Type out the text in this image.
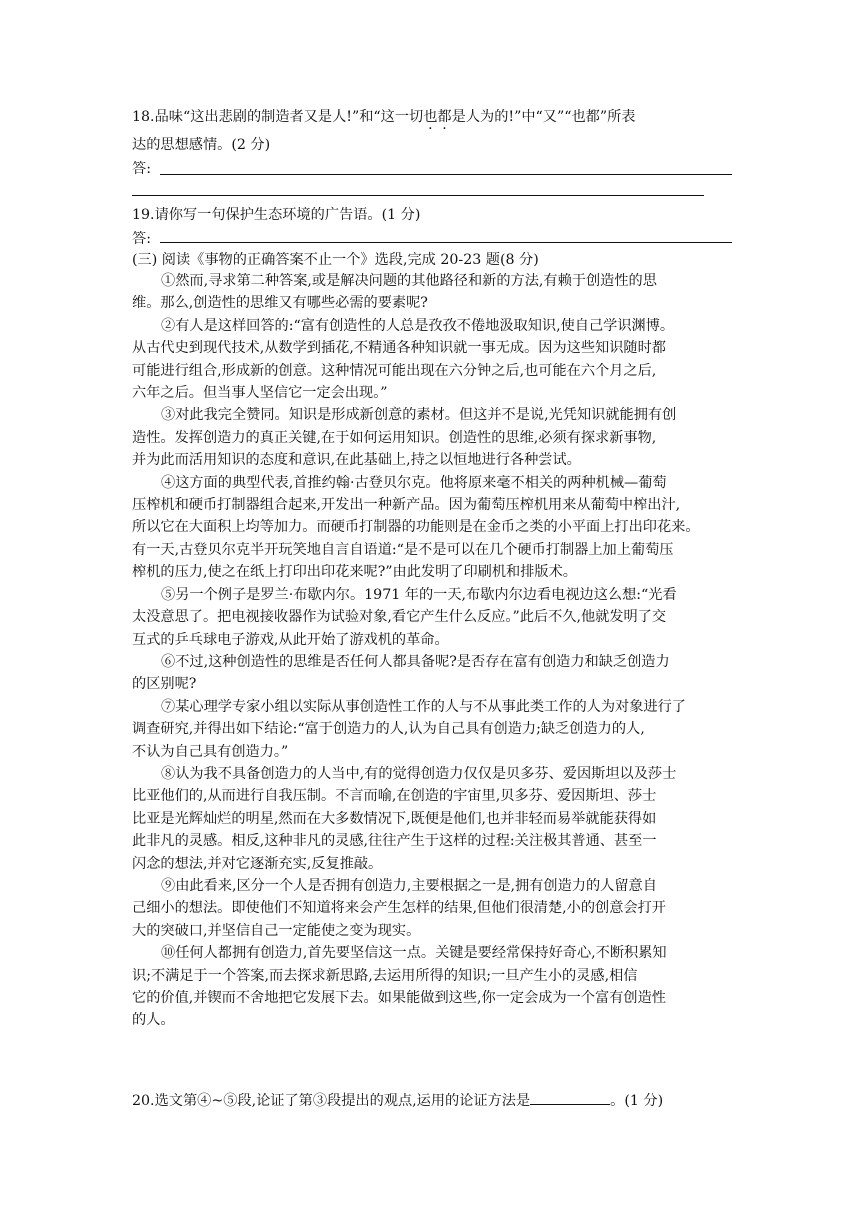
18.品味“这出悲剧的制造者又是人!”和“这一切也都是人为的!”中“又”“也都”所表
达的思想感情。(2 分)
答:
19.请你写一句保护生态环境的广告语。(1 分)
答:
(三) 阅读《事物的正确答案不止一个》选段,完成 20-23 题(8 分)
①然而,寻求第二种答案,或是解决问题的其他路径和新的方法,有赖于创造性的思
维。那么,创造性的思维又有哪些必需的要素呢?
②有人是这样回答的:“富有创造性的人总是孜孜不倦地汲取知识,使自己学识渊博。
从古代史到现代技术,从数学到插花,不精通各种知识就一事无成。因为这些知识随时都
可能进行组合,形成新的创意。这种情况可能出现在六分钟之后,也可能在六个月之后,
六年之后。但当事人坚信它一定会出现。”
③对此我完全赞同。知识是形成新创意的素材。但这并不是说,光凭知识就能拥有创
造性。发挥创造力的真正关键,在于如何运用知识。创造性的思维,必须有探求新事物,
并为此而活用知识的态度和意识,在此基础上,持之以恒地进行各种尝试。
④这方面的典型代表,首推约翰·古登贝尔克。他将原来毫不相关的两种机械—葡萄
压榨机和硬币打制器组合起来,开发出一种新产品。因为葡萄压榨机用来从葡萄中榨出汁,
所以它在大面积上均等加力。而硬币打制器的功能则是在金币之类的小平面上打出印花来。
有一天,古登贝尔克半开玩笑地自言自语道:“是不是可以在几个硬币打制器上加上葡萄压
榨机的压力,使之在纸上打印出印花来呢?”由此发明了印刷机和排版术。
⑤另一个例子是罗兰·布歇内尔。1971 年的一天,布歇内尔边看电视边这么想:“光看
太没意思了。把电视接收器作为试验对象,看它产生什么反应。”此后不久,他就发明了交
互式的乒乓球电子游戏,从此开始了游戏机的革命。
⑥不过,这种创造性的思维是否任何人都具备呢?是否存在富有创造力和缺乏创造力
的区别呢?
⑦某心理学专家小组以实际从事创造性工作的人与不从事此类工作的人为对象进行了
调查研究,并得出如下结论:“富于创造力的人,认为自己具有创造力;缺乏创造力的人,
不认为自己具有创造力。”
⑧认为我不具备创造力的人当中,有的觉得创造力仅仅是贝多芬、爱因斯坦以及莎士
比亚他们的,从而进行自我压制。不言而喻,在创造的宇宙里,贝多芬、爱因斯坦、莎士
比亚是光辉灿烂的明星,然而在大多数情况下,既便是他们,也并非轻而易举就能获得如
此非凡的灵感。相反,这种非凡的灵感,往往产生于这样的过程:关注极其普通、甚至一
闪念的想法,并对它逐渐充实,反复推敲。
⑨由此看来,区分一个人是否拥有创造力,主要根据之一是,拥有创造力的人留意自
己细小的想法。即使他们不知道将来会产生怎样的结果,但他们很清楚,小的创意会打开
大的突破口,并坚信自己一定能使之变为现实。
⑩任何人都拥有创造力,首先要坚信这一点。关键是要经常保持好奇心,不断积累知
识;不满足于一个答案,而去探求新思路,去运用所得的知识;一旦产生小的灵感,相信
它的价值,并锲而不舍地把它发展下去。如果能做到这些,你一定会成为一个富有创造性
的人。
20.选文第④~⑤段,论证了第③段提出的观点,运用的论证方法是	。(1 分)
